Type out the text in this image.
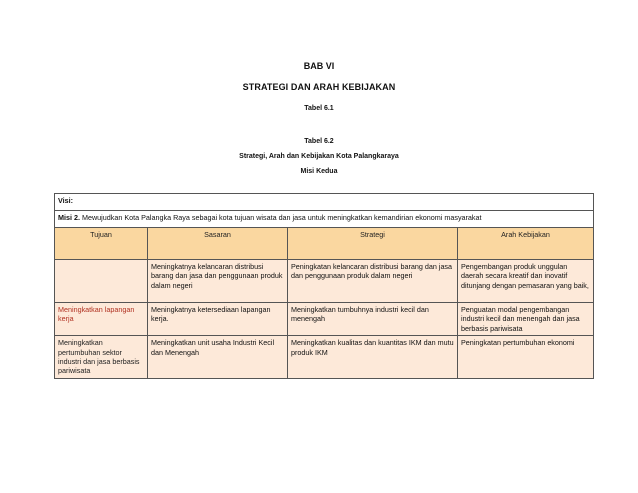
BAB VI
STRATEGI DAN ARAH KEBIJAKAN
Tabel 6.1
Tabel 6.2
Strategi, Arah dan Kebijakan Kota Palangkaraya
Misi Kedua
Visi:			
Misi 2. Mewujudkan Kota Palangka Raya sebagai kota tujuan wisata dan jasa untuk meningkatkan kemandirian ekonomi masyarakat			
Tujuan	Sasaran	Strategi	Arah Kebijakan
	Meningkatnya kelancaran distribusi barang dan jasa dan penggunaan produk dalam negeri	Peningkatan kelancaran distribusi barang dan jasa dan penggunaan produk dalam negeri	Pengembangan produk unggulan daerah secara kreatif dan inovatif ditunjang dengan pemasaran yang baik,
Meningkatkan lapangan kerja	Meningkatnya ketersediaan lapangan kerja.	Meningkatkan tumbuhnya industri kecil dan menengah	Penguatan modal pengembangan industri kecil dan menengah dan jasa berbasis pariwisata
Meningkatkan pertumbuhan sektor industri dan jasa berbasis pariwisata	Meningkatkan unit usaha Industri Kecil dan Menengah	Meningkatkan kualitas dan kuantitas IKM dan mutu produk IKM	Peningkatan pertumbuhan ekonomi
